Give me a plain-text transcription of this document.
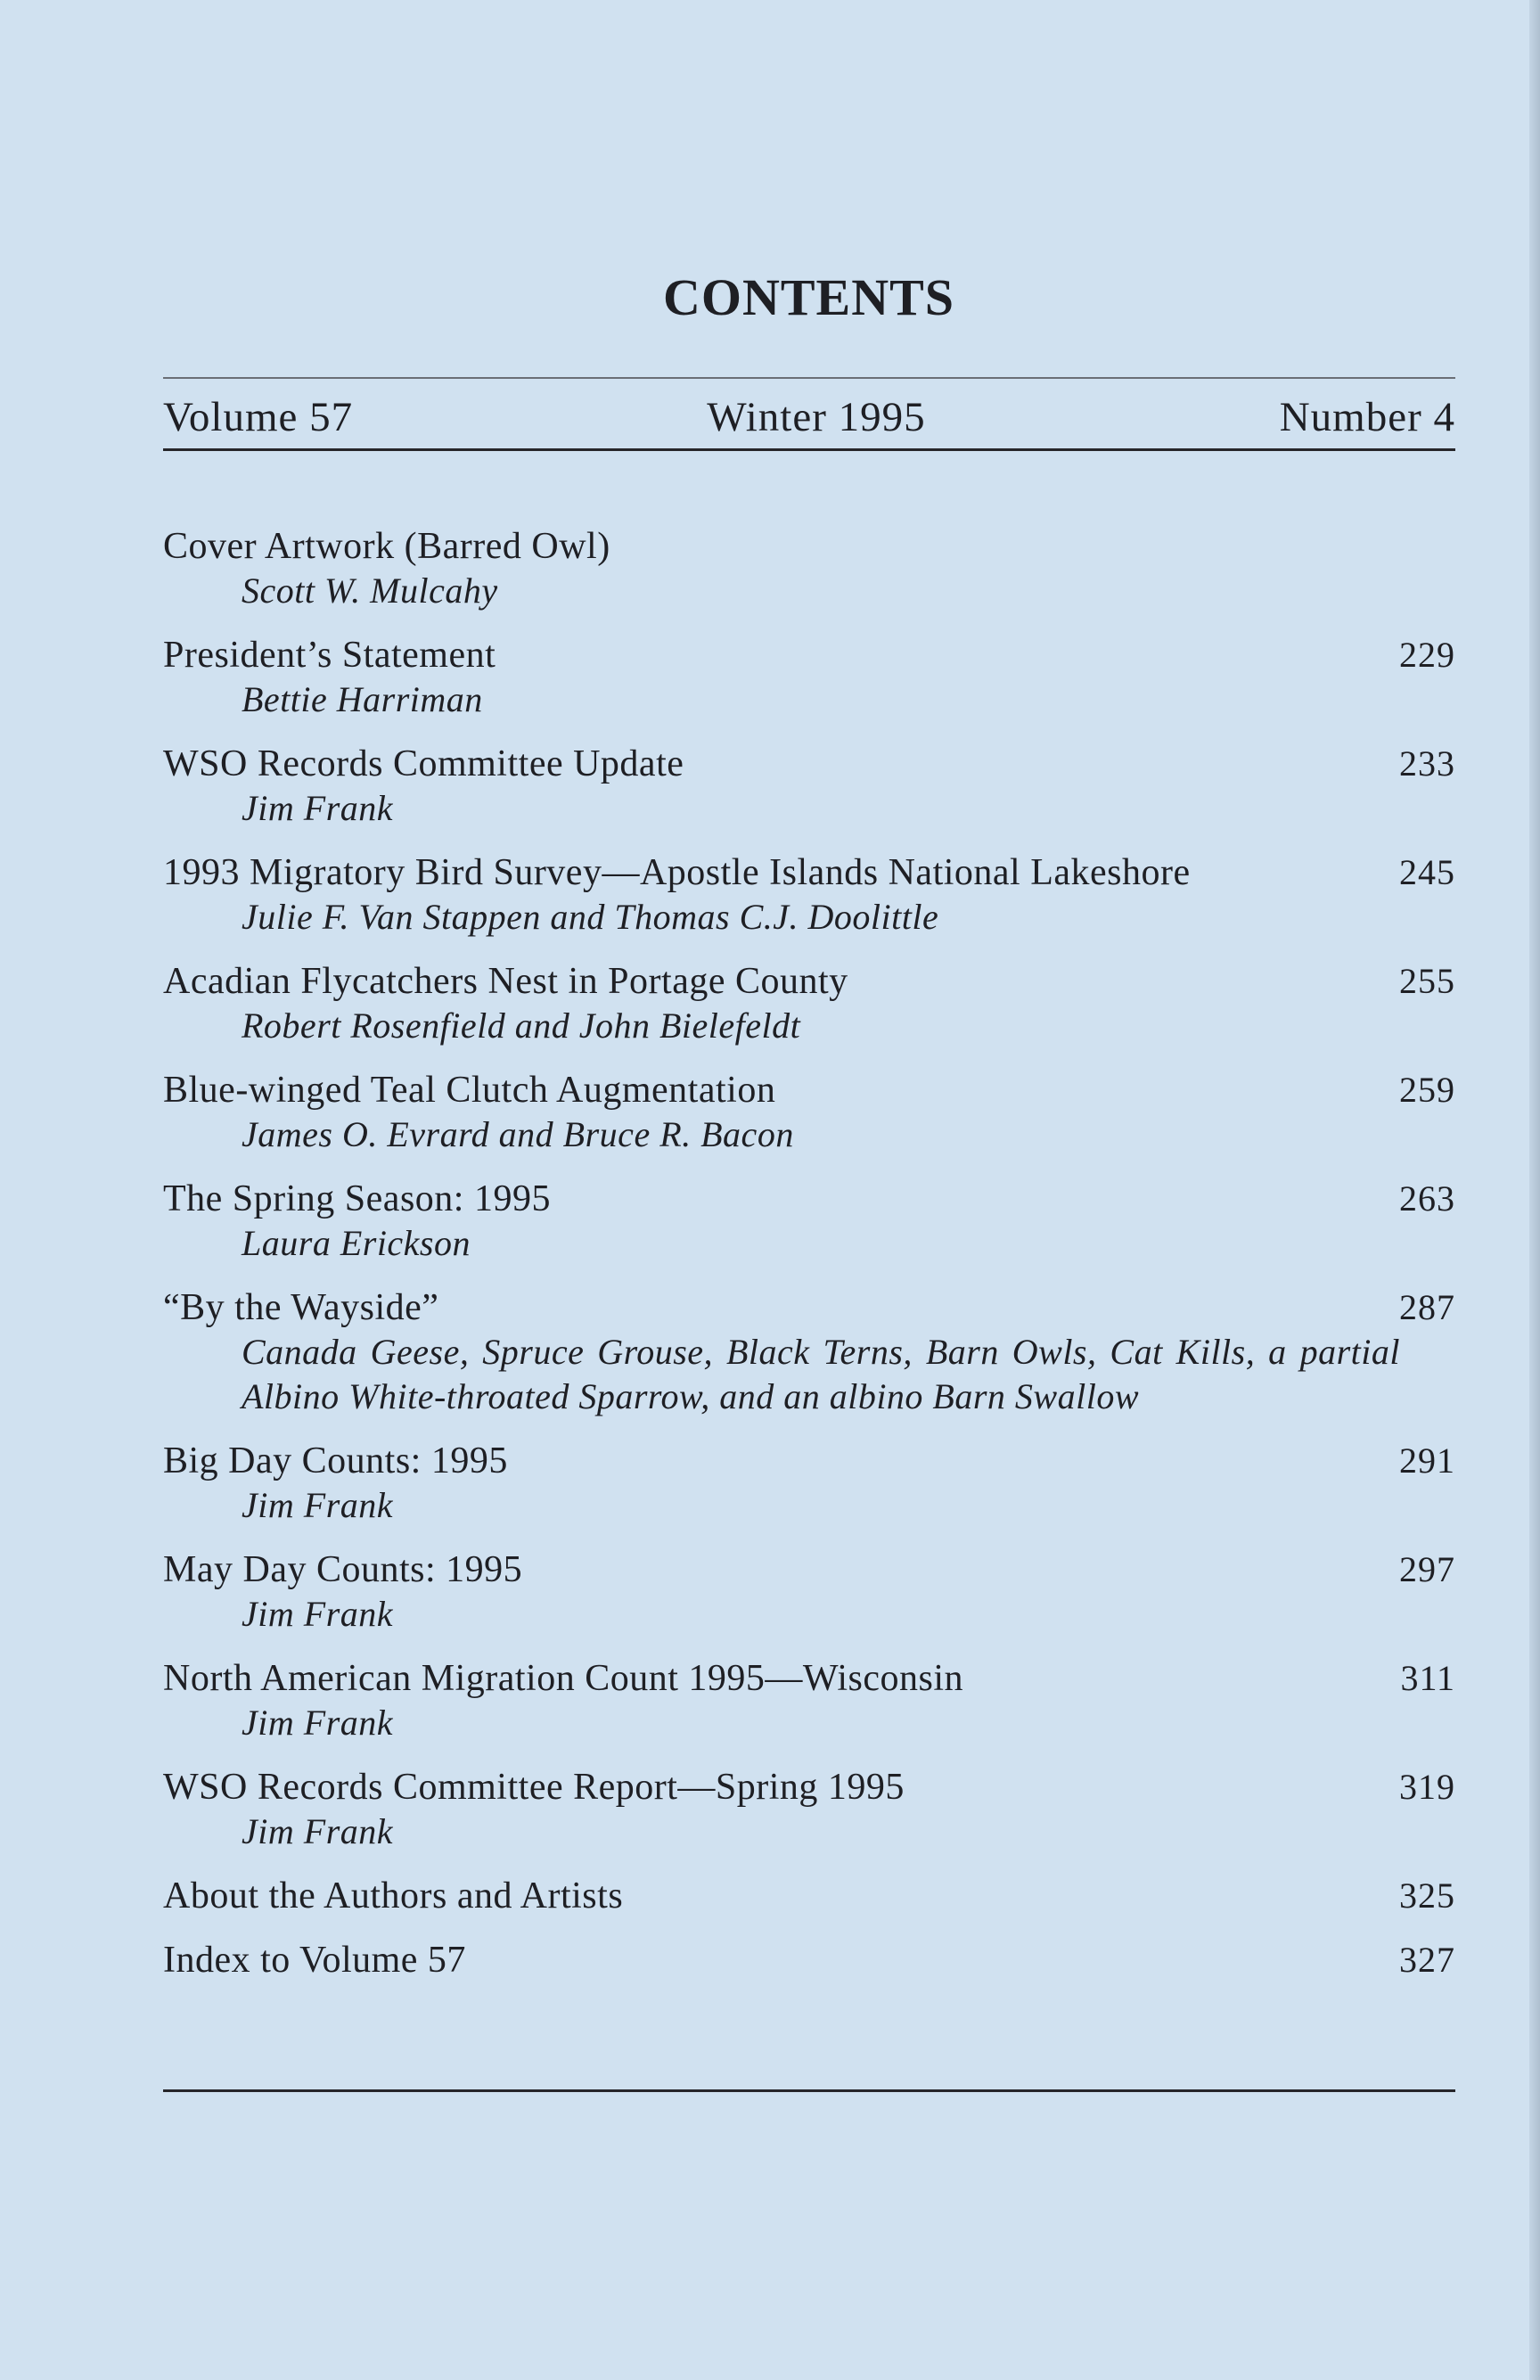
CONTENTS
Volume 57	Winter 1995	Number 4
Cover Artwork (Barred Owl)
Scott W. Mulcahy
President’s Statement	229
Bettie Harriman
WSO Records Committee Update	233
Jim Frank
1993 Migratory Bird Survey—Apostle Islands National Lakeshore	245
Julie F. Van Stappen and Thomas C.J. Doolittle
Acadian Flycatchers Nest in Portage County	255
Robert Rosenfield and John Bielefeldt
Blue-winged Teal Clutch Augmentation	259
James O. Evrard and Bruce R. Bacon
The Spring Season: 1995	263
Laura Erickson
“By the Wayside”	287
Canada Geese, Spruce Grouse, Black Terns, Barn Owls, Cat Kills, a partial Albino White-throated Sparrow, and an albino Barn Swallow
Big Day Counts: 1995	291
Jim Frank
May Day Counts: 1995	297
Jim Frank
North American Migration Count 1995—Wisconsin	311
Jim Frank
WSO Records Committee Report—Spring 1995	319
Jim Frank
About the Authors and Artists	325
Index to Volume 57	327
